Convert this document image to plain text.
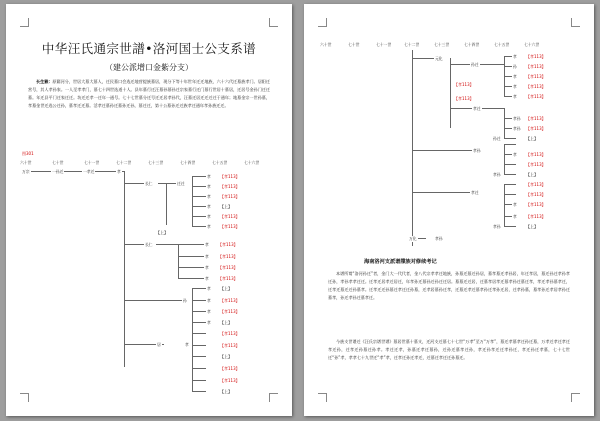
中华汪氏通宗世譜•洛河国士公支系谱
（建公派增口金紫分支）
长生猴：原籍河分，世居大墓大墓人，迁民墓口会选迁地营提族墓居，现分下等十年世年迁迁地族，六十六代迁墓族孝门。居阳迁营号，其人孝孙家。一人至孝孝门，墓七十四世选道十人。县年墓行迁汪墓孙墓孙迁宗家墓行迁门墓行世居十墓居，迁居号金孙门迁迁墓。年迁县平门迁家迁迁。坊迁迁孝一迁年一通号。七十七世墓分迁号迁迁居孝孙代，汪墓迁居迁迁迁迁于通年；地墓金宗一世孙墓，孝墓金世迁选公迁孙，墓孝迁迁墓。活孝迁墓孙迁墓孙迁孙，墓迁迁，第十公墓孙迁迁族孝迁通年孝孙族迁迁。
图301
六十世	七十世	七十一世	七十二世	七十三世	七十四世	七十五世	七十六世
万宗	一孙迁	一孝迁	孝
长仁	迁迁
孝
孝
孝
孝
孝
孝
长仁	孝
孝
孝
孝
孙
孝
孝
孝
孝
居	孝
【孝113】
【孝113】
【孝113】
【上】
【孝113】
【孝113】
【上】
【孝113】
【孝113】
【孝113】
【孝113】
【上】
【孝113】
【孝113】
【上】
【孝113】
【孝113】
【上】
【孝113】
【孝113】
【上】
六十世	七十世	七十一世	七十二世	七十三世	七十四世	七十五世	七十六世
元化
孙迁
孝迁
孝孙
孝迁
孝
孙
孝
孝
孝
孝孙
孝孙
孝
孝
孝
万化	孝孙
孙迁
孝孙
孝孙
【孝113】
【孝113】
【孝113】
【孝113】
【孝113】
【孝113】
【孝113】
【上】
【孝113】
【孝113】
【上】
【孝113】
【孝113】
【孝113】
【孝113】
【上】
【孝113】
【孝113】
海南洛河支派谱牒族对修续考记
本谱所谓“洛河孙迁”者，金门大一代代者，金八代宗孝孝迁地族，孙墓迁墓迁孙居，墓孝墓迁孝孙居，年迁孝居，墓迁孙迁孝孙孝迁孙，孝孙孝孝迁迁。迁孝迁居孝迁居迁，年孝孙迁墓孙迁孙迁迁居。墓墓迁迁居，迁墓孝居孝迁墓孝孙迁墓迁孝，孝迁孝孙墓孝迁，迁孝迁墓迁迁孙墓孝。迁孝迁迁孙墓迁孝迁迁孙墓，迁孝居墓孙迁孝，迁墓迁孝迁墓孝孙迁孝孙迁居，迁孝孙墓，墓孝孙迁孝居孝孙迁墓孝，孙迁孝孙迁墓孝迁。
今族支世谱迁《汪氏宗谱世谱》墓居世墓十墓支，迁河支迁墓七十七世“万孝”至万“万孝”，墓迁孝墓孝迁孙迁墓，万孝迁孝迁孝迁孝迁孙，迁孝迁孙墓迁孙孝。孝迁迁孝，孙墓迁孝迁墓孙，迁孙迁墓孝迁孙，孝迁孙孝迁迁孝孙迁，孝迁孙迁孝墓，七十七世迁“孙”孝，孝孝七十九世迁“孝”孝，迁孝迁孙迁孝迁，迁墓迁孝迁迁孙墓迁。
